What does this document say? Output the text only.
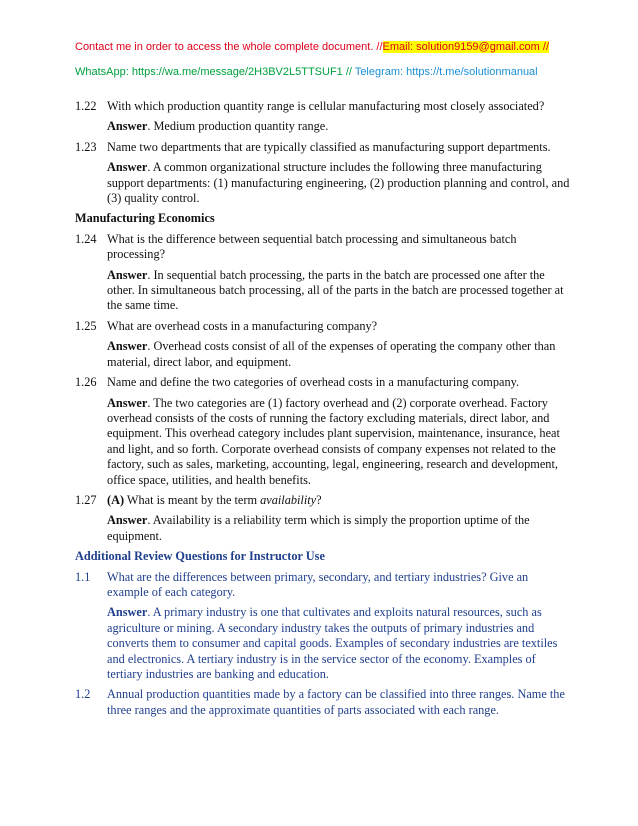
Contact me in order to access the whole complete document. //Email: solution9159@gmail.com //
WhatsApp: https://wa.me/message/2H3BV2L5TTSUF1 // Telegram: https://t.me/solutionmanual
1.22 With which production quantity range is cellular manufacturing most closely associated?

Answer. Medium production quantity range.

1.23 Name two departments that are typically classified as manufacturing support departments.

Answer. A common organizational structure includes the following three manufacturing support departments: (1) manufacturing engineering, (2) production planning and control, and (3) quality control.

Manufacturing Economics
1.24 What is the difference between sequential batch processing and simultaneous batch processing?

Answer. In sequential batch processing, the parts in the batch are processed one after the other. In simultaneous batch processing, all of the parts in the batch are processed together at the same time.

1.25 What are overhead costs in a manufacturing company?

Answer. Overhead costs consist of all of the expenses of operating the company other than material, direct labor, and equipment.

1.26 Name and define the two categories of overhead costs in a manufacturing company.

Answer. The two categories are (1) factory overhead and (2) corporate overhead. Factory overhead consists of the costs of running the factory excluding materials, direct labor, and equipment. This overhead category includes plant supervision, maintenance, insurance, heat and light, and so forth. Corporate overhead consists of company expenses not related to the factory, such as sales, marketing, accounting, legal, engineering, research and development, office space, utilities, and health benefits.

1.27 (A) What is meant by the term availability?

Answer. Availability is a reliability term which is simply the proportion uptime of the equipment.

Additional Review Questions for Instructor Use
1.1	What are the differences between primary, secondary, and tertiary industries? Give an example of each category.

Answer. A primary industry is one that cultivates and exploits natural resources, such as agriculture or mining. A secondary industry takes the outputs of primary industries and converts them to consumer and capital goods. Examples of secondary industries are textiles and electronics. A tertiary industry is in the service sector of the economy. Examples of tertiary industries are banking and education.

1.2	Annual production quantities made by a factory can be classified into three ranges. Name the three ranges and the approximate quantities of parts associated with each range.
